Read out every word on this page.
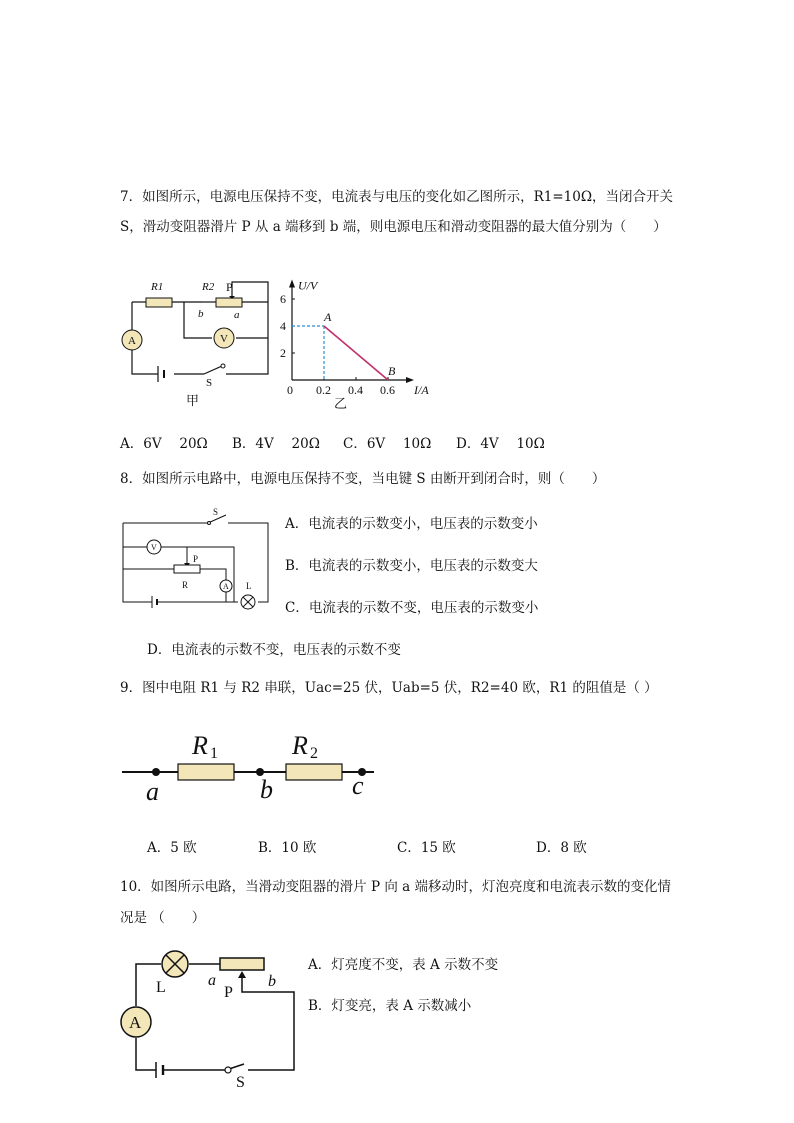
7．如图所示，电源电压保持不变，电流表与电压的变化如乙图所示，R1=10Ω，当闭合开关
S，滑动变阻器滑片 P 从 a 端移到 b 端，则电源电压和滑动变阻器的最大值分别为（　　）
A	V
R1	R2 P
b	a
S
甲
0 0.2 0.4 0.6
2
4
6
U/V
I/A
A
B
乙
A．6V　 20Ω B．4V　 20Ω C．6V　 10Ω D．4V　 10Ω
8．如图所示电路中，电源电压保持不变，当电键 S 由断开到闭合时，则（　　）
S
V
P
R	A L
A．电流表的示数变小，电压表的示数变小
B．电流表的示数变小，电压表的示数变大
C．电流表的示数不变，电压表的示数变小
D．电流表的示数不变，电压表的示数不变
9．图中电阻 R1 与 R2 串联，Uac=25 伏，Uab=5 伏，R2=40 欧，R1 的阻值是（ ）
R 1	R 2
a	b	c
A．5 欧	B．10 欧	C．15 欧	D．8 欧
10．如图所示电路，当滑动变阻器的滑片 P 向 a 端移动时，灯泡亮度和电流表示数的变化情
况是 （　　）
A
L	a	b
P
S
A．灯亮度不变，表 A 示数不变
B．灯变亮，表 A 示数减小
